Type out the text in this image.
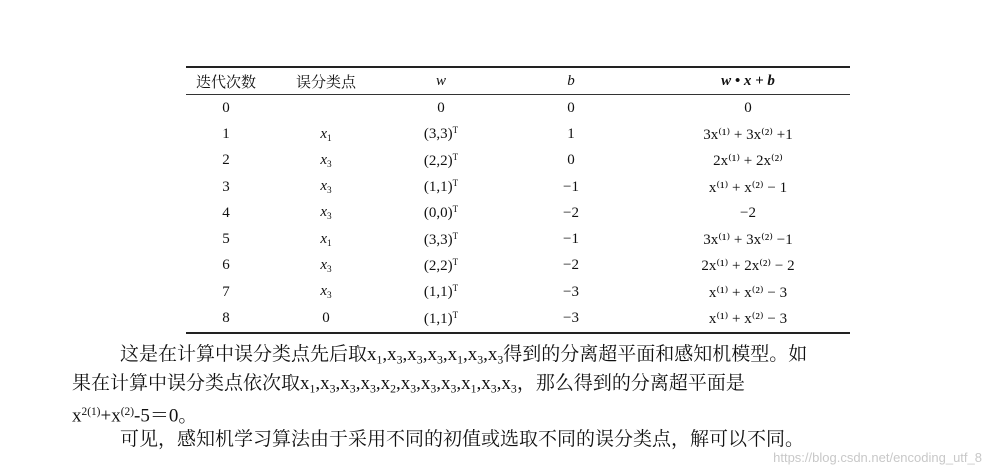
迭代次数	误分类点	w	b	w • x + b
0		0	0	0
1	$x_1$	$(3,3)^T$	1	3x⁽¹⁾ + 3x⁽²⁾ +1
2	$x_3$	$(2,2)^T$	0	2x⁽¹⁾ + 2x⁽²⁾
3	$x_3$	$(1,1)^T$	−1	x⁽¹⁾ + x⁽²⁾ − 1
4	$x_3$	$(0,0)^T$	−2	−2
5	$x_1$	$(3,3)^T$	−1	3x⁽¹⁾ + 3x⁽²⁾ −1
6	$x_3$	$(2,2)^T$	−2	2x⁽¹⁾ + 2x⁽²⁾ − 2
7	$x_3$	$(1,1)^T$	−3	x⁽¹⁾ + x⁽²⁾ − 3
8	0	$(1,1)^T$	−3	x⁽¹⁾ + x⁽²⁾ − 3
这是在计算中误分类点先后取$x_1,x_3,x_3,x_3,x_1,x_3,x_3$得到的分离超平面和感知机模型。如
果在计算中误分类点依次取$x_1,x_3,x_3,x_3,x_2,x_3,x_3,x_3,x_1,x_3,x_3$，那么得到的分离超平面是
$x^{2(1)}+x^{(2)}-5=0$。
可见，感知机学习算法由于采用不同的初值或选取不同的误分类点，解可以不同。
https://blog.csdn.net/encoding_utf_8
